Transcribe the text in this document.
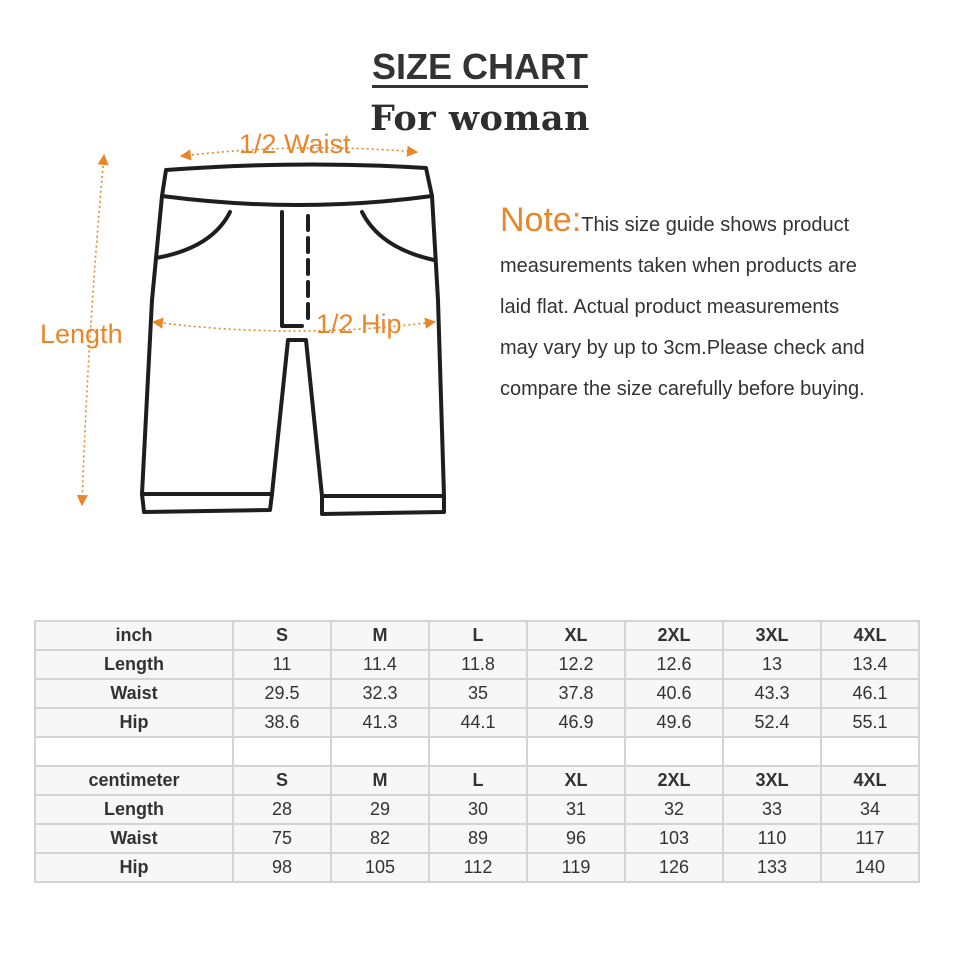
SIZE CHART
For woman
1/2 Waist
1/2 Hip
Length
Note:This size guide shows product
measurements taken when products are
laid flat. Actual product measurements
may vary by up to 3cm.Please check and
compare the size carefully before buying.
inch	S	M	L	XL	2XL	3XL	4XL
Length	11	11.4	11.8	12.2	12.6	13	13.4
Waist	29.5	32.3	35	37.8	40.6	43.3	46.1
Hip	38.6	41.3	44.1	46.9	49.6	52.4	55.1

centimeter	S	M	L	XL	2XL	3XL	4XL
Length	28	29	30	31	32	33	34
Waist	75	82	89	96	103	110	117
Hip	98	105	112	119	126	133	140
